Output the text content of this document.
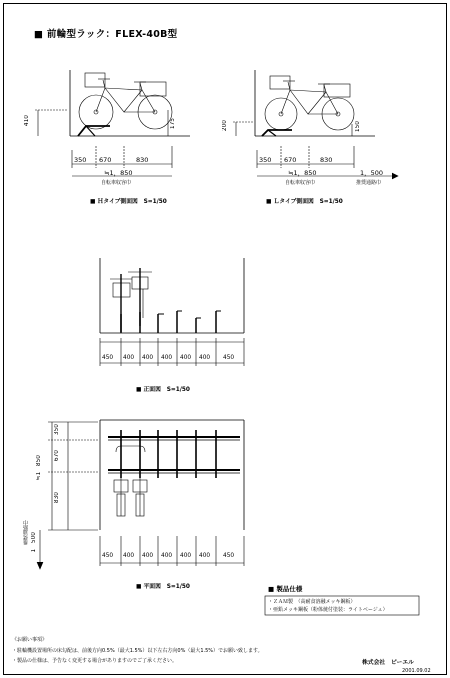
■ 前輪型ラック：FLEX-40B型
410	175
350 670	830
≒1，850
自転車収容巾
■ Ｈタイプ側面図　S=1/50
200	150
350 670	830
≒1，850
自転車収容巾
1，500
推奨通路巾
■ Ｌタイプ側面図　S=1/50
450 400 400 400 400 400 450
■ 正面図　S=1/50
350
670
830
≒1，850
推奨通路巾 1，500
450 400 400 400 400 400 450
■ 平面図　S=1/50	■ 製品仕様
・ＺＡＭ製　（高耐食溶融メッキ鋼板）
・亜鉛メッキ鋼板（粉体焼付塗装：ライトベージュ）
《お願い事項》
・駐輪機設置場所の床勾配は、前後方向0.5%（最大1.5%）以下左右方向0%（最大1.5%）でお願い致します。
・製品の仕様は、予告なく変更する場合がありますのでご了承ください。	株式会社　ピーエル
2001.09.02
